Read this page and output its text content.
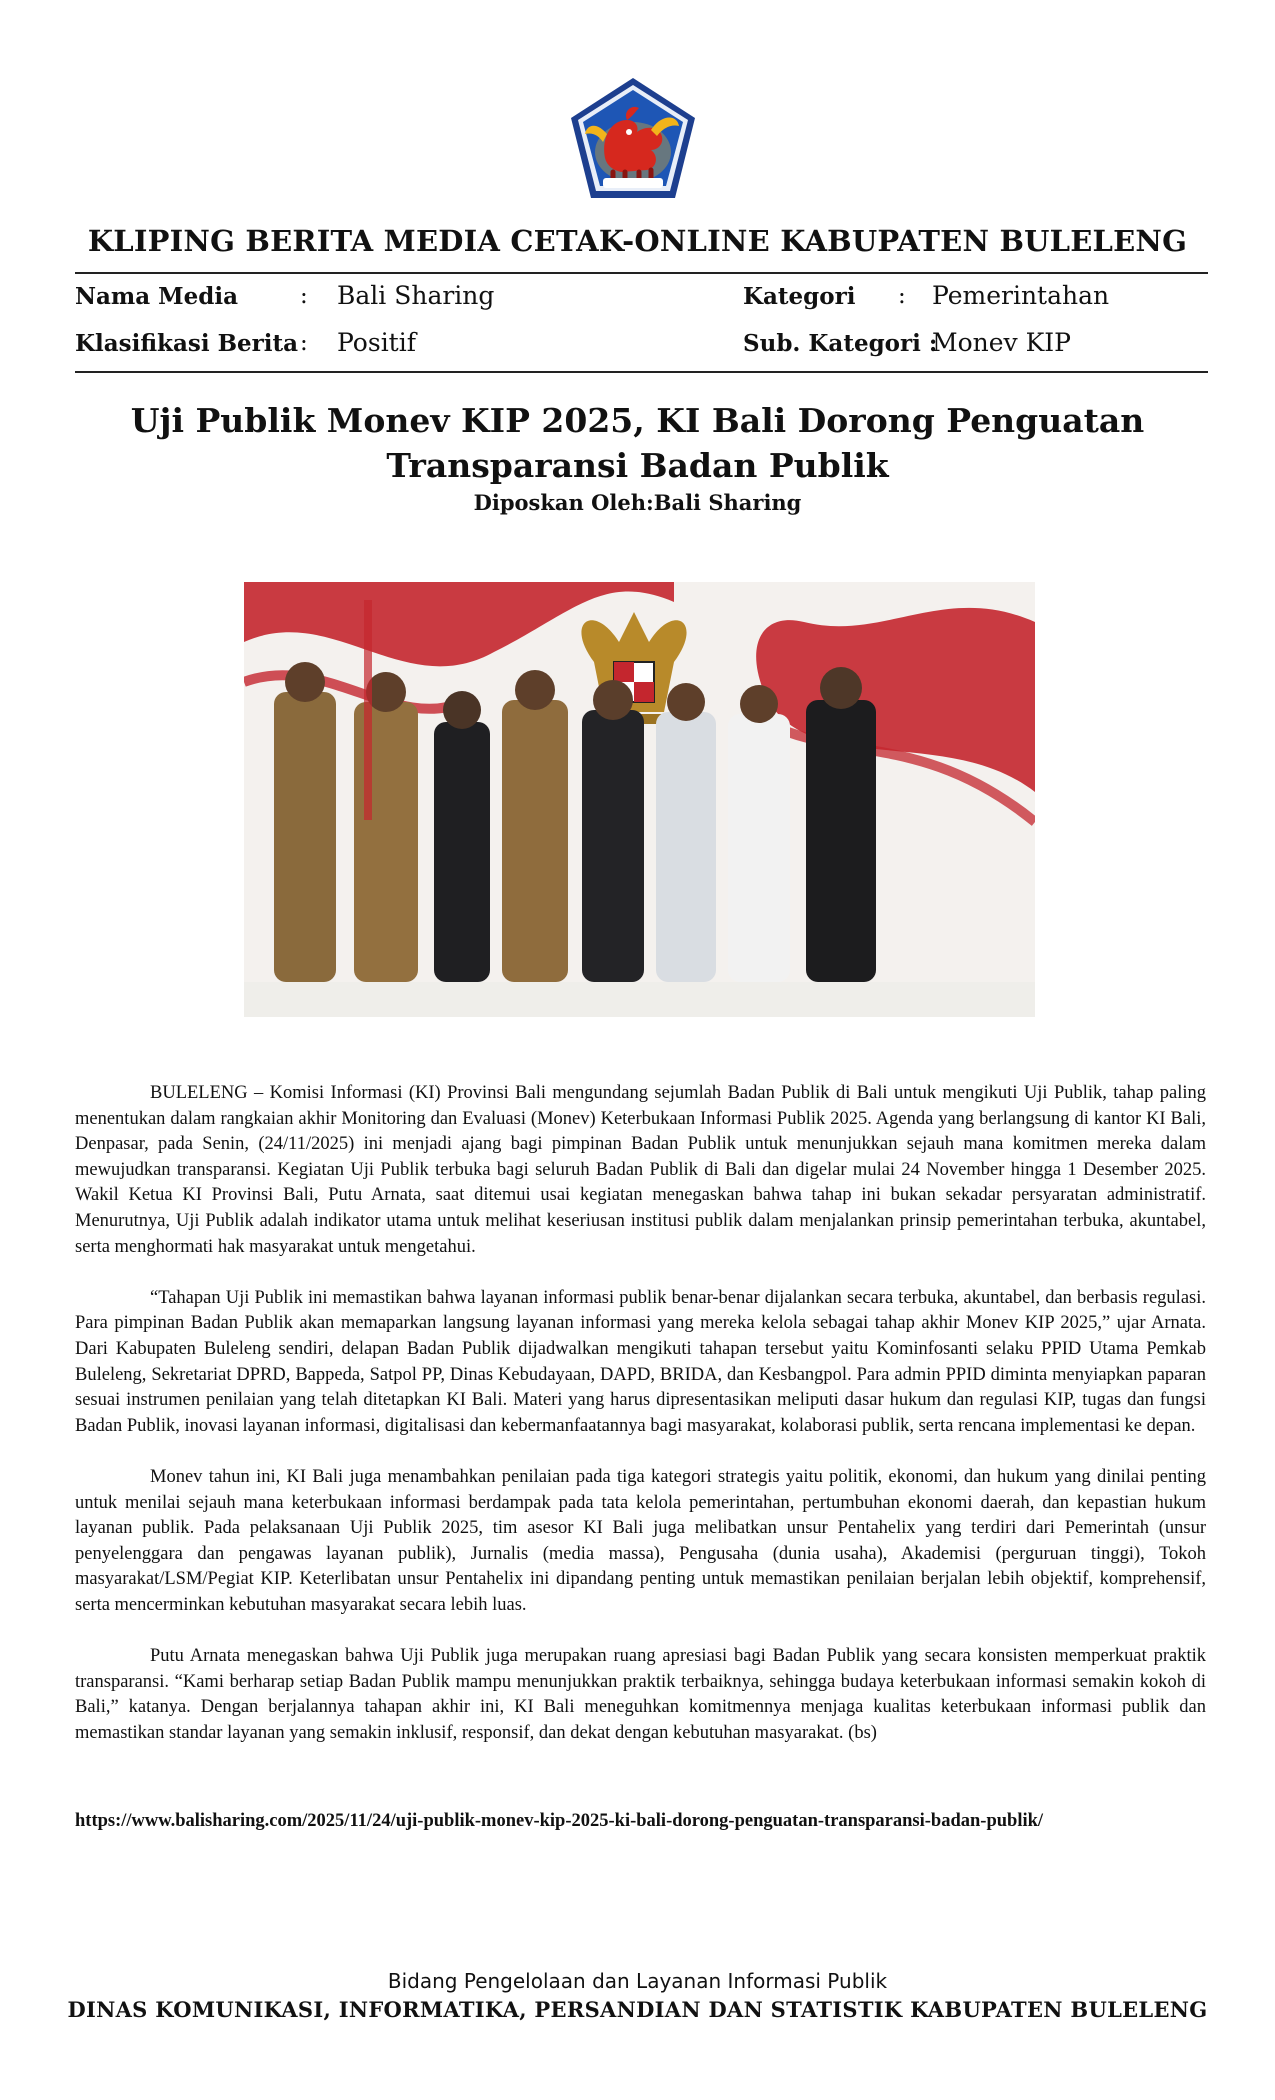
KLIPING BERITA MEDIA CETAK-ONLINE KABUPATEN BULELENG
Nama Media	: Bali Sharing
Klasifikasi Berita : Positif
Kategori : Pemerintahan
Sub. Kategori :
Monev KIP
Uji Publik Monev KIP 2025, KI Bali Dorong Penguatan Transparansi Badan Publik
Diposkan Oleh:Bali Sharing

BULELENG – Komisi Informasi (KI) Provinsi Bali mengundang sejumlah Badan Publik di Bali untuk mengikuti Uji Publik, tahap paling menentukan dalam rangkaian akhir Monitoring dan Evaluasi (Monev) Keterbukaan Informasi Publik 2025. Agenda yang berlangsung di kantor KI Bali, Denpasar, pada Senin, (24/11/2025) ini menjadi ajang bagi pimpinan Badan Publik untuk menunjukkan sejauh mana komitmen mereka dalam mewujudkan transparansi. Kegiatan Uji Publik terbuka bagi seluruh Badan Publik di Bali dan digelar mulai 24 November hingga 1 Desember 2025. Wakil Ketua KI Provinsi Bali, Putu Arnata, saat ditemui usai kegiatan menegaskan bahwa tahap ini bukan sekadar persyaratan administratif. Menurutnya, Uji Publik adalah indikator utama untuk melihat keseriusan institusi publik dalam menjalankan prinsip pemerintahan terbuka, akuntabel, serta menghormati hak masyarakat untuk mengetahui.

“Tahapan Uji Publik ini memastikan bahwa layanan informasi publik benar-benar dijalankan secara terbuka, akuntabel, dan berbasis regulasi. Para pimpinan Badan Publik akan memaparkan langsung layanan informasi yang mereka kelola sebagai tahap akhir Monev KIP 2025,” ujar Arnata. Dari Kabupaten Buleleng sendiri, delapan Badan Publik dijadwalkan mengikuti tahapan tersebut yaitu Kominfosanti selaku PPID Utama Pemkab Buleleng, Sekretariat DPRD, Bappeda, Satpol PP, Dinas Kebudayaan, DAPD, BRIDA, dan Kesbangpol. Para admin PPID diminta menyiapkan paparan sesuai instrumen penilaian yang telah ditetapkan KI Bali. Materi yang harus dipresentasikan meliputi dasar hukum dan regulasi KIP, tugas dan fungsi Badan Publik, inovasi layanan informasi, digitalisasi dan kebermanfaatannya bagi masyarakat, kolaborasi publik, serta rencana implementasi ke depan.

Monev tahun ini, KI Bali juga menambahkan penilaian pada tiga kategori strategis yaitu politik, ekonomi, dan hukum yang dinilai penting untuk menilai sejauh mana keterbukaan informasi berdampak pada tata kelola pemerintahan, pertumbuhan ekonomi daerah, dan kepastian hukum layanan publik. Pada pelaksanaan Uji Publik 2025, tim asesor KI Bali juga melibatkan unsur Pentahelix yang terdiri dari Pemerintah (unsur penyelenggara dan pengawas layanan publik), Jurnalis (media massa), Pengusaha (dunia usaha), Akademisi (perguruan tinggi), Tokoh masyarakat/LSM/Pegiat KIP. Keterlibatan unsur Pentahelix ini dipandang penting untuk memastikan penilaian berjalan lebih objektif, komprehensif, serta mencerminkan kebutuhan masyarakat secara lebih luas.

Putu Arnata menegaskan bahwa Uji Publik juga merupakan ruang apresiasi bagi Badan Publik yang secara konsisten memperkuat praktik transparansi. “Kami berharap setiap Badan Publik mampu menunjukkan praktik terbaiknya, sehingga budaya keterbukaan informasi semakin kokoh di Bali,” katanya. Dengan berjalannya tahapan akhir ini, KI Bali meneguhkan komitmennya menjaga kualitas keterbukaan informasi publik dan memastikan standar layanan yang semakin inklusif, responsif, dan dekat dengan kebutuhan masyarakat. (bs)

https://www.balisharing.com/2025/11/24/uji-publik-monev-kip-2025-ki-bali-dorong-penguatan-transparansi-badan-publik/
Bidang Pengelolaan dan Layanan Informasi Publik
DINAS KOMUNIKASI, INFORMATIKA, PERSANDIAN DAN STATISTIK KABUPATEN BULELENG
